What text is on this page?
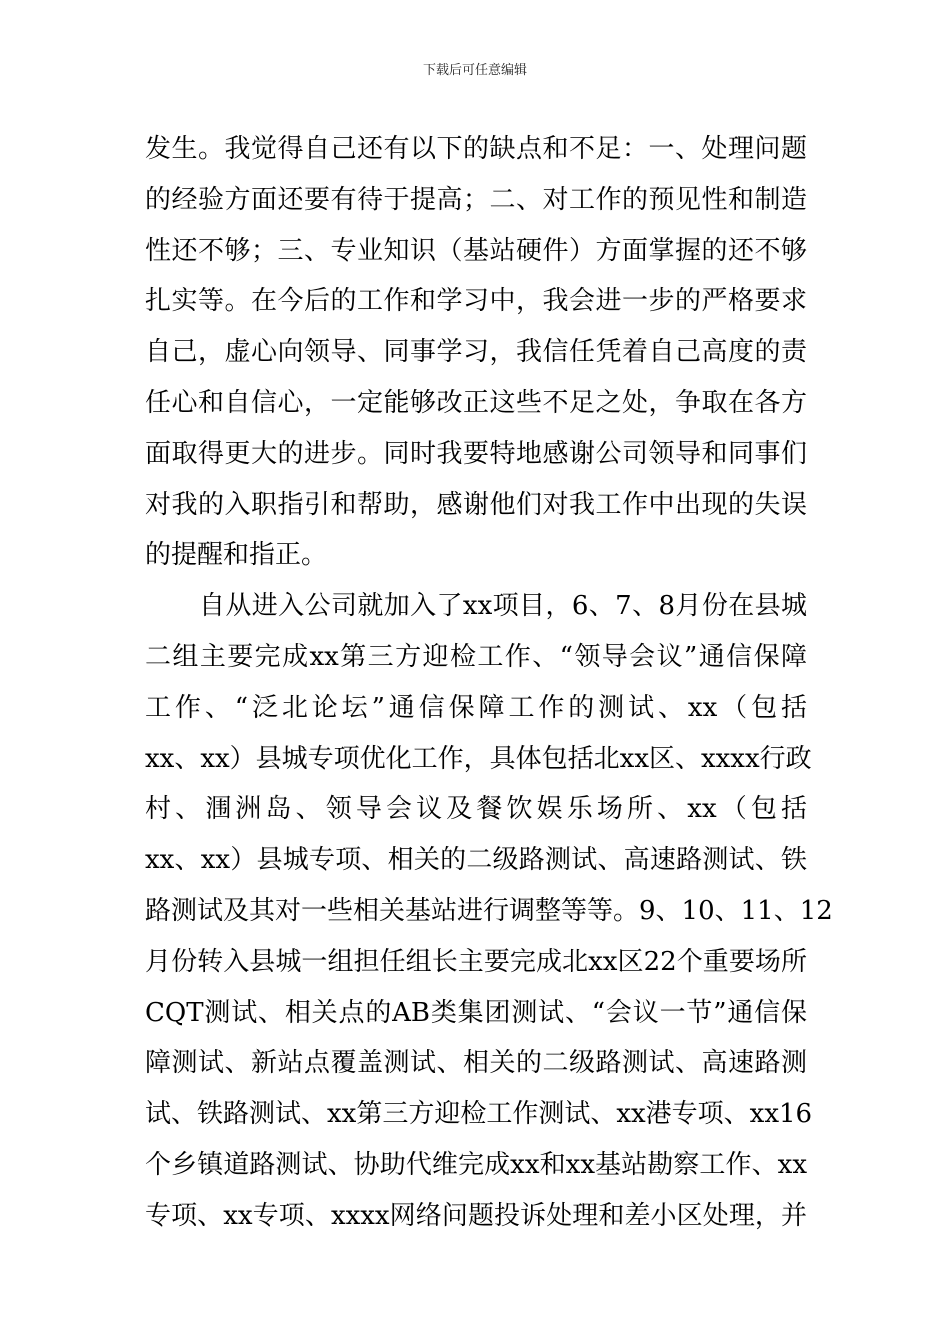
下载后可任意编辑
发生。我觉得自己还有以下的缺点和不足：一、处理问题
的经验方面还要有待于提高；二、对工作的预见性和制造
性还不够；三、专业知识（基站硬件）方面掌握的还不够
扎实等。在今后的工作和学习中，我会进一步的严格要求
自己，虚心向领导、同事学习，我信任凭着自己高度的责
任心和自信心，一定能够改正这些不足之处，争取在各方
面取得更大的进步。同时我要特地感谢公司领导和同事们
对我的入职指引和帮助，感谢他们对我工作中出现的失误
的提醒和指正。
自从进入公司就加入了xx项目，6、7、8月份在县城
二组主要完成xx第三方迎检工作、“领导会议”通信保障
工作、“泛北论坛”通信保障工作的测试、xx（包括
xx、xx）县城专项优化工作，具体包括北xx区、xxxx行政
村、涠洲岛、领导会议及餐饮娱乐场所、xx（包括
xx、xx）县城专项、相关的二级路测试、高速路测试、铁
路测试及其对一些相关基站进行调整等等。9、10、11、12
月份转入县城一组担任组长主要完成北xx区22个重要场所
CQT测试、相关点的AB类集团测试、“会议一节”通信保
障测试、新站点覆盖测试、相关的二级路测试、高速路测
试、铁路测试、xx第三方迎检工作测试、xx港专项、xx16
个乡镇道路测试、协助代维完成xx和xx基站勘察工作、xx
专项、xx专项、xxxx网络问题投诉处理和差小区处理，并
